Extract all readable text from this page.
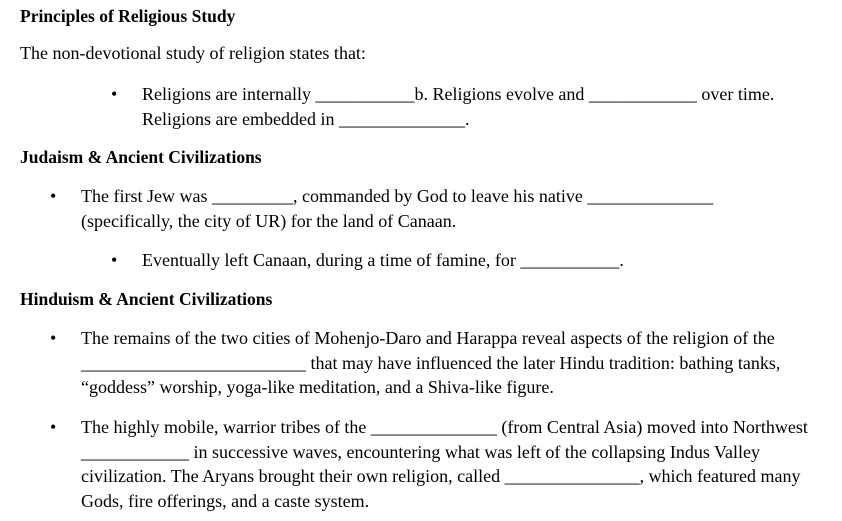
Principles of Religious Study

The non-devotional study of religion states that:

•	Religions are internally ___________b. Religions evolve and ____________ over time. Religions are embedded in ______________.

Judaism & Ancient Civilizations

•	The first Jew was _________, commanded by God to leave his native ______________ (specifically, the city of UR) for the land of Canaan.

•	Eventually left Canaan, during a time of famine, for ___________.

Hinduism & Ancient Civilizations

•	The remains of the two cities of Mohenjo-Daro and Harappa reveal aspects of the religion of the _________________________ that may have influenced the later Hindu tradition: bathing tanks, “goddess” worship, yoga-like meditation, and a Shiva-like figure.

•	The highly mobile, warrior tribes of the ______________ (from Central Asia) moved into Northwest ____________ in successive waves, encountering what was left of the collapsing Indus Valley civilization. The Aryans brought their own religion, called _______________, which featured many Gods, fire offerings, and a caste system.
